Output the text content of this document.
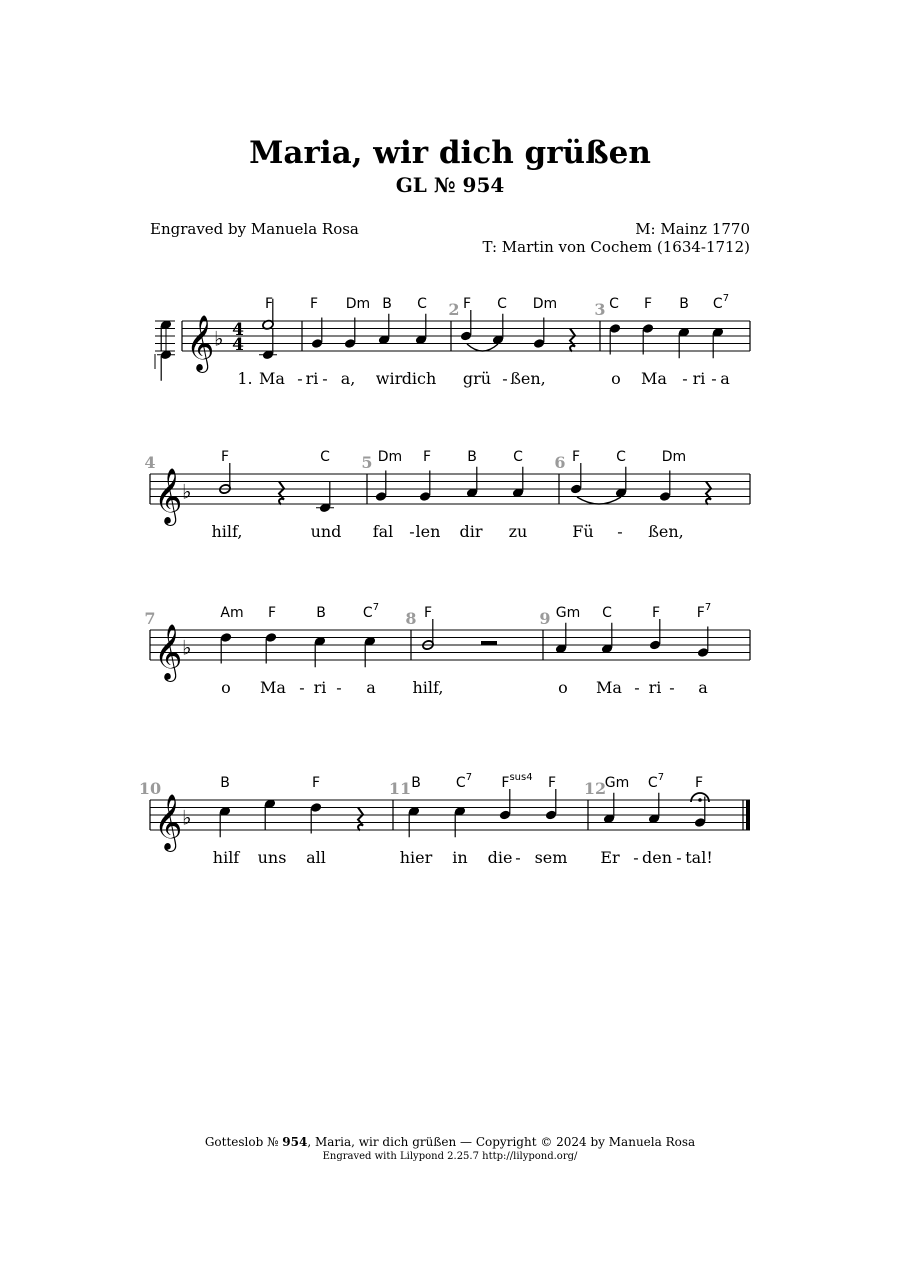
Maria, wir dich grüßen
GL № 954
Engraved by Manuela Rosa	M: Mainz 1770
T: Martin von Cochem (1634-1712)
4
4
𝄞 ♭
2	3
F	F Dm B C	F C Dm	C F B $C^7$
1. Ma - ri - a, wir dich grü - ßen,	o Ma - ri - a
𝄞 ♭
4	5	6
F	C	Dm F	B	C	F	C	Dm
hilf,	und fal - len dir zu	Fü - ßen,
𝄞 ♭
7	8	9
Am F	B	$C^7$	F	Gm C	F	$F^7$
o Ma - ri - a hilf,	o Ma - ri - a
𝄞 ♭
10	11	12
B	F	B	$C^7$ $F^{sus4}$ F	Gm $C^7$ F
hilf uns all	hier in die - sem Er - den - tal!
Gotteslob № 954, Maria, wir dich grüßen — Copyright © 2024 by Manuela Rosa
Engraved with Lilypond 2.25.7 http://lilypond.org/
